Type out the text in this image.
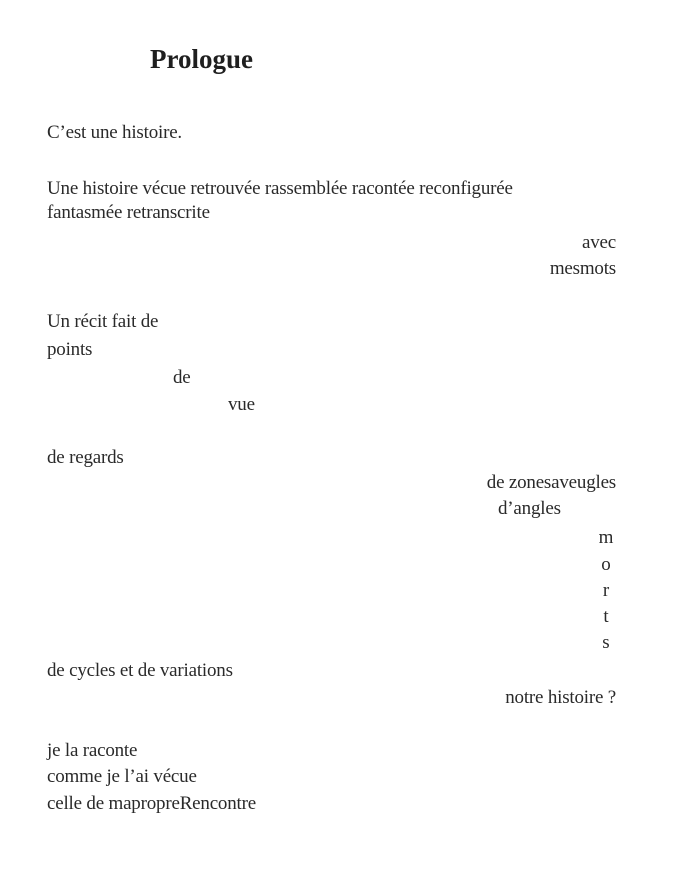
Prologue
C’est une histoire.
Une histoire vécue retrouvée rassemblée racontée reconfigurée
fantasmée retranscrite
avec
mesmots
Un récit fait de
points
de
vue
de regards
de zonesaveugles
d’angles
m
o
r
t
s
de cycles et de variations
notre histoire ?
je la raconte
comme je l’ai vécue
celle de mapropreRencontre
